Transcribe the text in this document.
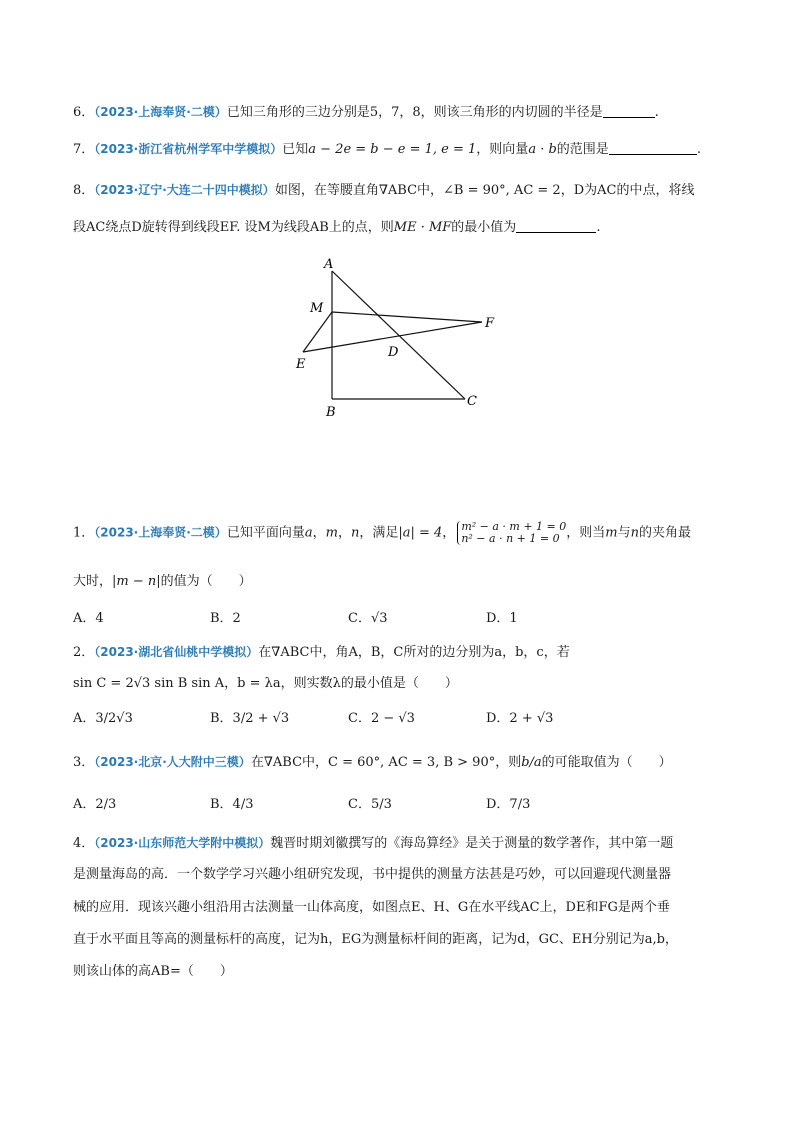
6．（2023·上海奉贤·二模）已知三角形的三边分别是5，7，8，则该三角形的内切圆的半径是	.
7．（2023·浙江省杭州学军中学模拟）已知a − 2e = b − e = 1, e = 1，则向量a · b的范围是	.
8．（2023·辽宁·大连二十四中模拟）如图，在等腰直角∇ABC中，∠B = 90°, AC = 2，D为AC的中点，将线
段AC绕点D旋转得到线段EF. 设M为线段AB上的点，则ME · MF的最小值为	.
A
B
C
D
E
F
M
1．（2023·上海奉贤·二模）已知平面向量a，m，n，满足|a| = 4， m² − a · m + 1 = 0
n² − a · n + 1 = 0 ，则当m与n的夹角最
大时，|m − n|的值为（　　）
A．4	B．2	C．√3	D．1
2．（2023·湖北省仙桃中学模拟）在∇ABC中，角A，B，C所对的边分别为a，b，c，若
sin C = 2√3 sin B sin A，b = λa，则实数λ的最小值是（　　）
A．3/2√3	B．3/2 + √3	C．2 − √3	D．2 + √3
3．（2023·北京·人大附中三模）在∇ABC中，C = 60°, AC = 3, B > 90°，则b/a的可能取值为（　　）
A．2/3	B．4/3	C．5/3	D．7/3
4．（2023·山东师范大学附中模拟）魏晋时期刘徽撰写的《海岛算经》是关于测量的数学著作，其中第一题
是测量海岛的高．一个数学学习兴趣小组研究发现，书中提供的测量方法甚是巧妙，可以回避现代测量器
械的应用．现该兴趣小组沿用古法测量一山体高度，如图点E、H、G在水平线AC上，DE和FG是两个垂
直于水平面且等高的测量标杆的高度，记为h，EG为测量标杆间的距离，记为d，GC、EH分别记为a,b，
则该山体的高AB=（　　）
